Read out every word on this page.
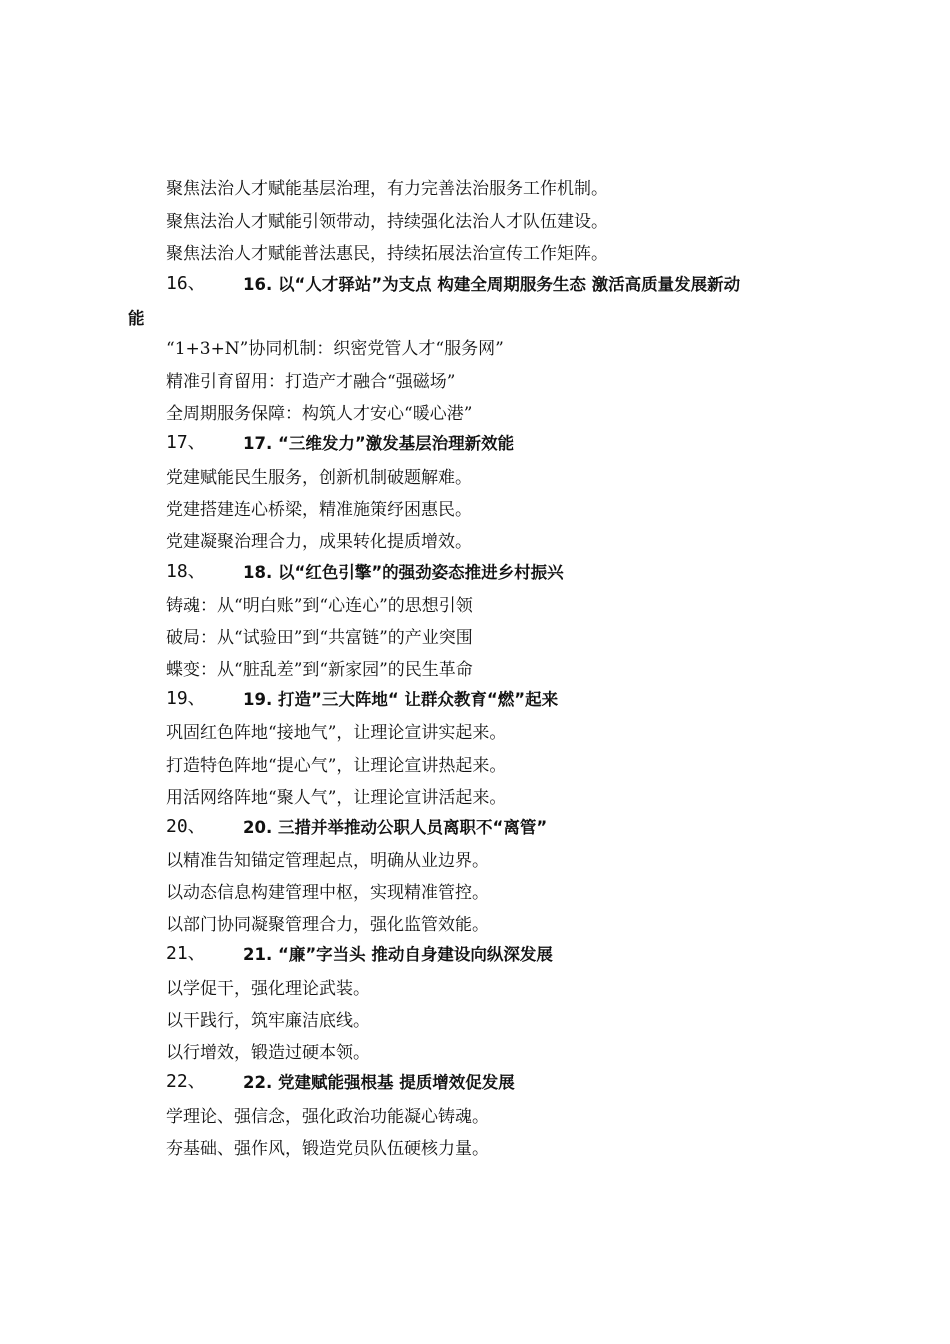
聚焦法治人才赋能基层治理，有力完善法治服务工作机制。
聚焦法治人才赋能引领带动，持续强化法治人才队伍建设。
聚焦法治人才赋能普法惠民，持续拓展法治宣传工作矩阵。
16、 16. 以“人才驿站”为支点 构建全周期服务生态 激活高质量发展新动
能
“1+3+N”协同机制：织密党管人才“服务网”
精准引育留用：打造产才融合“强磁场”
全周期服务保障：构筑人才安心“暖心港”
17、 17. “三维发力”激发基层治理新效能
党建赋能民生服务，创新机制破题解难。
党建搭建连心桥梁，精准施策纾困惠民。
党建凝聚治理合力，成果转化提质增效。
18、 18. 以“红色引擎”的强劲姿态推进乡村振兴
铸魂：从“明白账”到“心连心”的思想引领
破局：从“试验田”到“共富链”的产业突围
蝶变：从“脏乱差”到“新家园”的民生革命
19、 19. 打造”三大阵地“ 让群众教育“燃”起来
巩固红色阵地“接地气”，让理论宣讲实起来。
打造特色阵地“提心气”，让理论宣讲热起来。
用活网络阵地“聚人气”，让理论宣讲活起来。
20、 20. 三措并举推动公职人员离职不“离管”
以精准告知锚定管理起点，明确从业边界。
以动态信息构建管理中枢，实现精准管控。
以部门协同凝聚管理合力，强化监管效能。
21、 21. “廉”字当头 推动自身建设向纵深发展
以学促干，强化理论武装。
以干践行，筑牢廉洁底线。
以行增效，锻造过硬本领。
22、 22. 党建赋能强根基 提质增效促发展
学理论、强信念，强化政治功能凝心铸魂。
夯基础、强作风，锻造党员队伍硬核力量。
